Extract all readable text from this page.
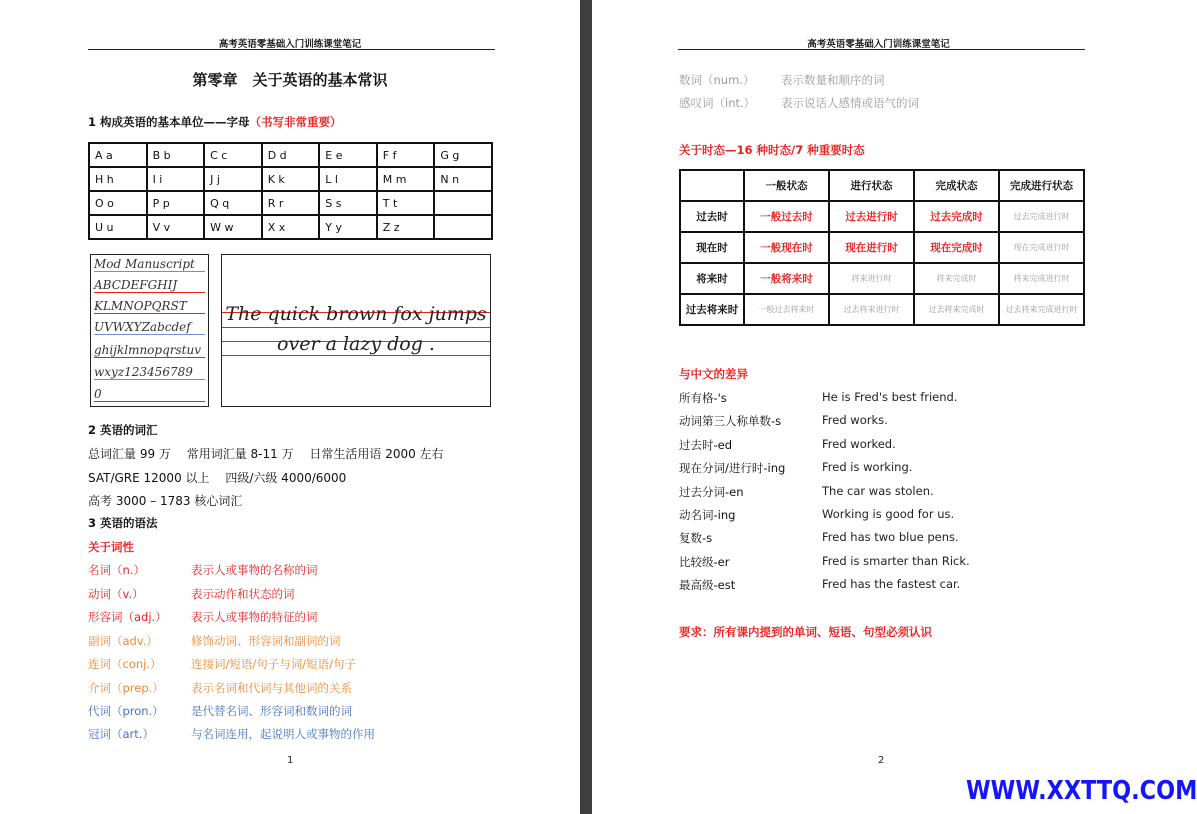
高考英语零基础入门训练课堂笔记
第零章　关于英语的基本常识
1 构成英语的基本单位——字母（书写非常重要）
A a	B b	C c	D d	E e	F f	G g
H h	I i	J j	K k	L l	M m	N n
O o	P p	Q q	R r	S s	T t	
U u	V v	W w	X x	Y y	Z z	
Mod Manuscript
ABCDEFGHIJ
KLMNOPQRST
UVWXYZabcdef
ghijklmnopqrstuv
wxyz123456789
0
The quick brown fox jumps
over a lazy dog .
2 英语的词汇
总词汇量 99 万　 常用词汇量 8-11 万　 日常生活用语 2000 左右
SAT/GRE 12000 以上　 四级/六级 4000/6000
高考 3000 – 1783 核心词汇
3 英语的语法
关于词性
名词（n.）	表示人或事物的名称的词
动词（v.）	表示动作和状态的词
形容词（adj.） 表示人或事物的特征的词
副词（adv.）	修饰动词、形容词和副词的词
连词（conj.）	连接词/短语/句子与词/短语/句子
介词（prep.） 表示名词和代词与其他词的关系
代词（pron.） 是代替名词、形容词和数词的词
冠词（art.）	与名词连用，起说明人或事物的作用
1
高考英语零基础入门训练课堂笔记
数词（num.） 表示数量和顺序的词
感叹词（int.） 表示说话人感情或语气的词
关于时态—16 种时态/7 种重要时态
	一般状态	进行状态	完成状态	完成进行状态
过去时	一般过去时	过去进行时	过去完成时	过去完成进行时
现在时	一般现在时	现在进行时	现在完成时	现在完成进行时
将来时	一般将来时	将来进行时	将来完成时	将来完成进行时
过去将来时	一般过去将来时	过去将来进行时	过去将来完成时	过去将来完成进行时
与中文的差异
所有格-'s	He is Fred's best friend.
动词第三人称单数-s	Fred works.
过去时-ed	Fred worked.
现在分词/进行时-ing	Fred is working.
过去分词-en	The car was stolen.
动名词-ing	Working is good for us.
复数-s	Fred has two blue pens.
比较级-er	Fred is smarter than Rick.
最高级-est	Fred has the fastest car.
要求：所有课内提到的单词、短语、句型必须认识
2
WWW.XXTTQ.COM
